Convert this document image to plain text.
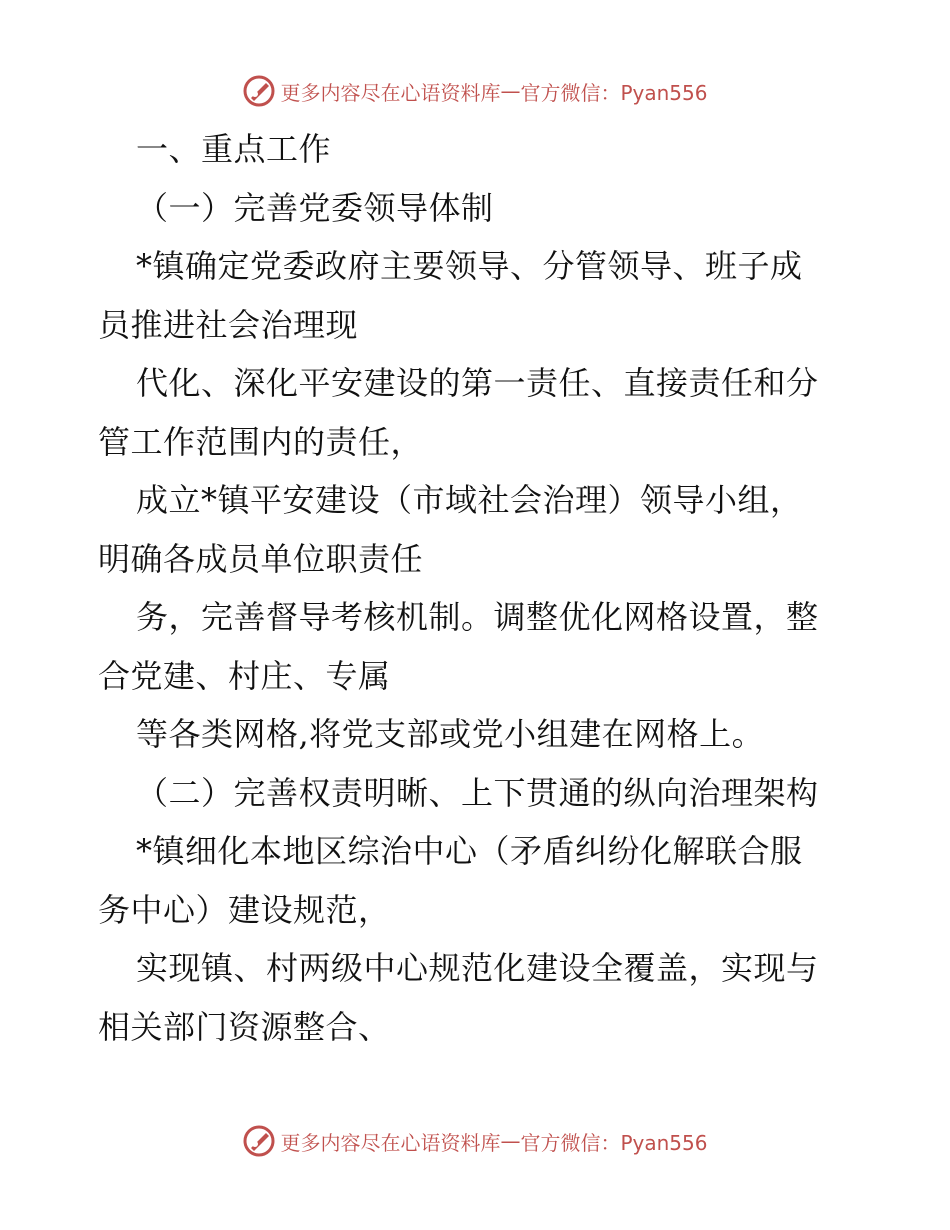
更多内容尽在心语资料库 — 官方微信：Pyan556
一、重点工作
（一）完善党委领导体制
*镇确定党委政府主要领导、分管领导、班子成
员推进社会治理现
代化、深化平安建设的第一责任、直接责任和分
管工作范围内的责任，
成立*镇平安建设（市域社会治理）领导小组，
明确各成员单位职责任
务，完善督导考核机制。调整优化网格设置，整
合党建、村庄、专属
等各类网格,将党支部或党小组建在网格上。
（二）完善权责明晰、上下贯通的纵向治理架构
*镇细化本地区综治中心（矛盾纠纷化解联合服
务中心）建设规范，
实现镇、村两级中心规范化建设全覆盖，实现与
相关部门资源整合、
更多内容尽在心语资料库 — 官方微信：Pyan556
